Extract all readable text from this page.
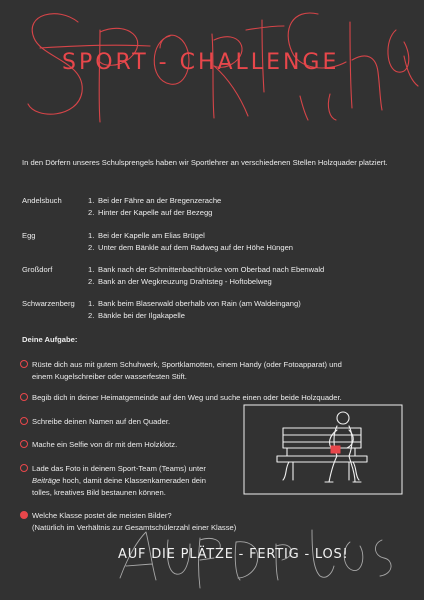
SPORT - CHALLENGE
In den Dörfern unseres Schulsprengels haben wir Sportlehrer an verschiedenen Stellen Holzquader platziert.
Andelsbuch	1. Bei der Fähre an der Bregenzerache
2. Hinter der Kapelle auf der Bezegg
Egg	1. Bei der Kapelle am Elias Brügel
2. Unter dem Bänkle auf dem Radweg auf der Höhe Hüngen
Großdorf	1. Bank nach der Schmittenbachbrücke vom Oberbad nach Ebenwald
2. Bank an der Wegkreuzung Drahtsteg - Hoftobelweg
Schwarzenberg 1. Bank beim Blaserwald oberhalb von Rain (am Waldeingang)
2. Bänkle bei der Ilgakapelle
Deine Aufgabe:
Rüste dich aus mit gutem Schuhwerk, Sportklamotten, einem Handy (oder Fotoapparat) und
einem Kugelschreiber oder wasserfesten Stift.
Begib dich in deiner Heimatgemeinde auf den Weg und suche einen oder beide Holzquader.
Schreibe deinen Namen auf den Quader.
Mache ein Selfie von dir mit dem Holzklotz.
Lade das Foto in deinem Sport-Team (Teams) unter
Beiträge hoch, damit deine Klassenkameraden dein
tolles, kreatives Bild bestaunen können.
Welche Klasse postet die meisten Bilder?
(Natürlich im Verhältnis zur Gesamtschülerzahl einer Klasse)
AUF DIE PLÄTZE - FERTIG - LOS!
